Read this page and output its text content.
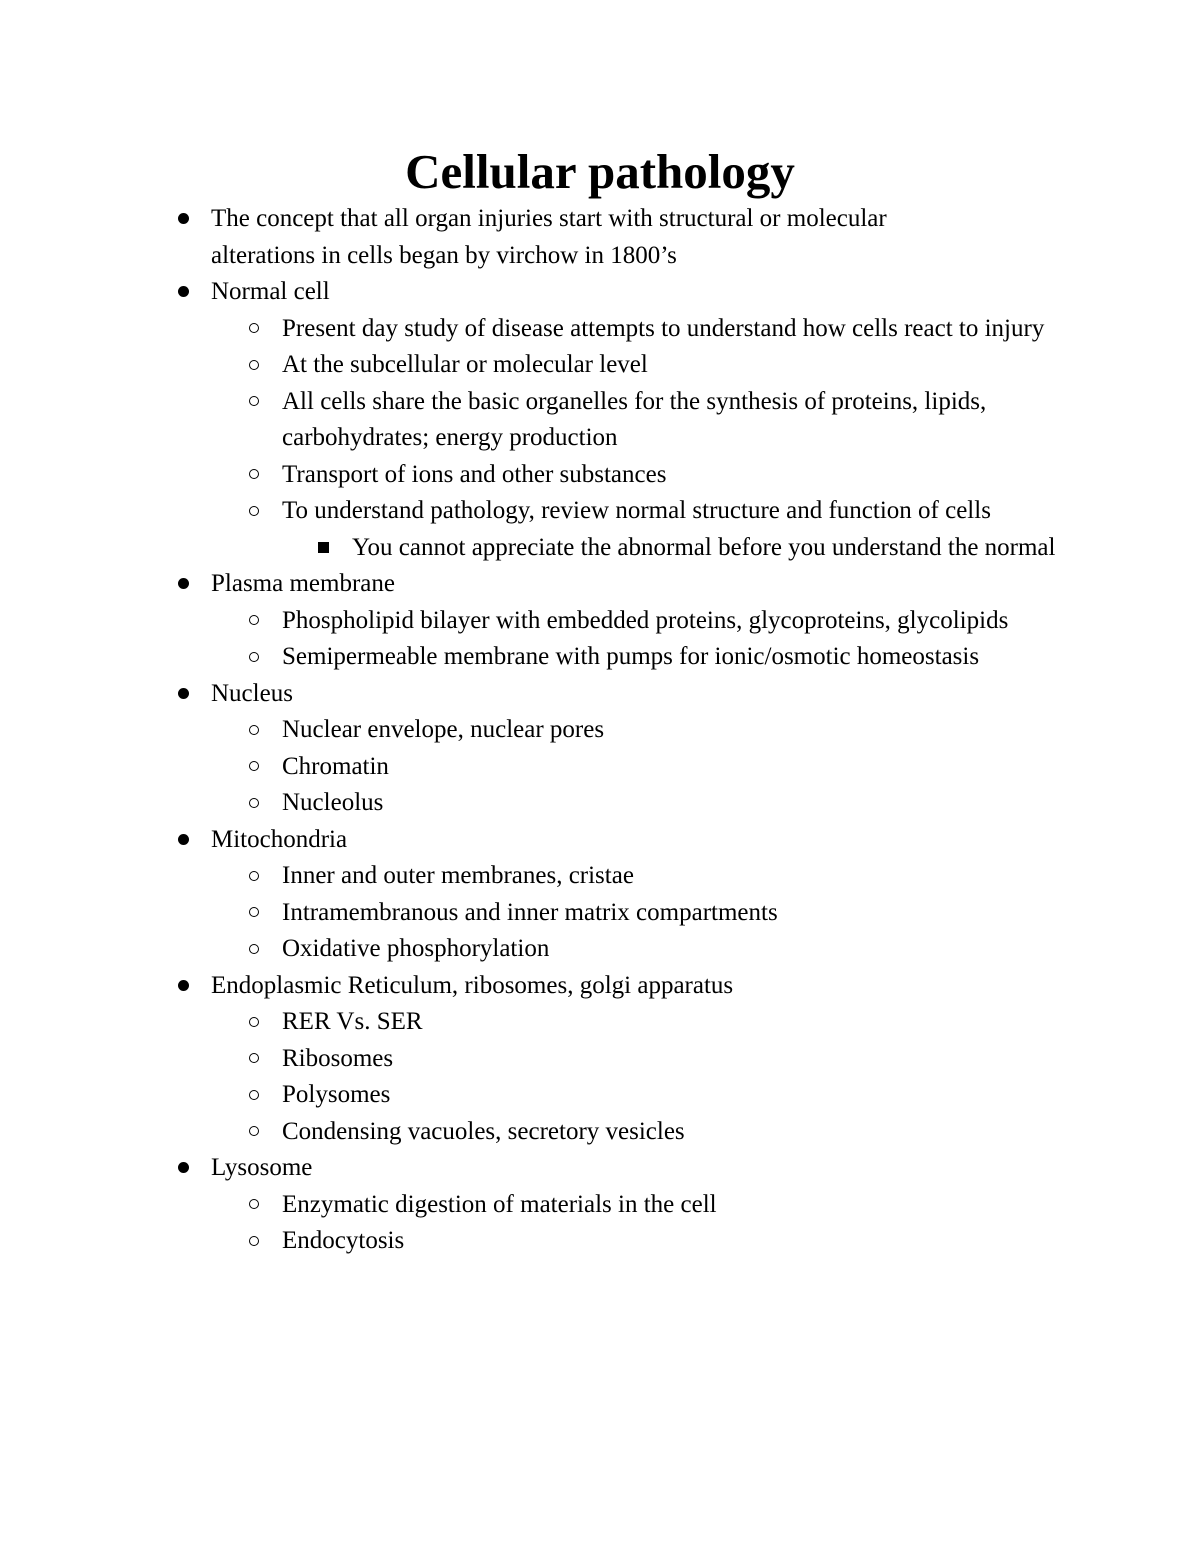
Cellular pathology
The concept that all organ injuries start with structural or molecular alterations in cells began by virchow in 1800’s
Normal cell
Present day study of disease attempts to understand how cells react to injury
At the subcellular or molecular level
All cells share the basic organelles for the synthesis of proteins, lipids, carbohydrates; energy production
Transport of ions and other substances
To understand pathology, review normal structure and function of cells
You cannot appreciate the abnormal before you understand the normal
Plasma membrane
Phospholipid bilayer with embedded proteins, glycoproteins, glycolipids
Semipermeable membrane with pumps for ionic/osmotic homeostasis
Nucleus
Nuclear envelope, nuclear pores
Chromatin
Nucleolus
Mitochondria
Inner and outer membranes, cristae
Intramembranous and inner matrix compartments
Oxidative phosphorylation
Endoplasmic Reticulum, ribosomes, golgi apparatus
RER Vs. SER
Ribosomes
Polysomes
Condensing vacuoles, secretory vesicles
Lysosome
Enzymatic digestion of materials in the cell
Endocytosis
